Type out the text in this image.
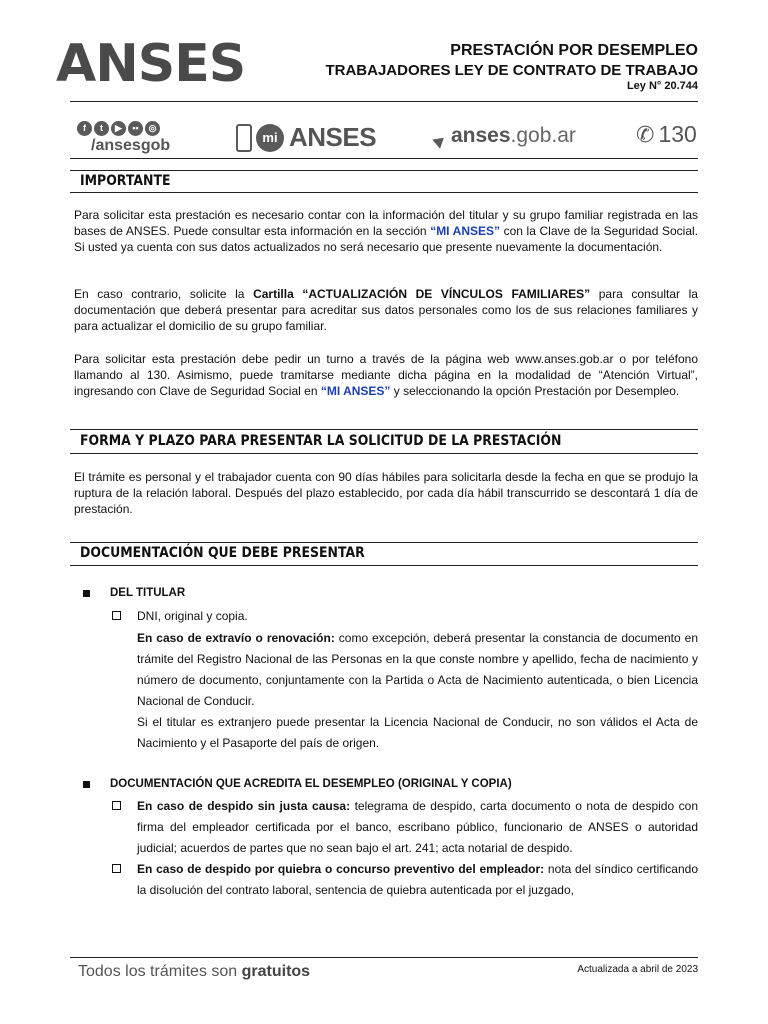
ANSES	PRESTACIÓN POR DESEMPLEO
TRABAJADORES LEY DE CONTRATO DE TRABAJO
Ley N° 20.744
f t ▶ •• ◎
/ansesgob	mi ANSES	anses .gob.ar	✆ 130
IMPORTANTE
Para solicitar esta prestación es necesario contar con la información del titular y su grupo familiar registrada en las bases de ANSES. Puede consultar esta información en la sección “MI ANSES” con la Clave de la Seguridad Social. Si usted ya cuenta con sus datos actualizados no será necesario que presente nuevamente la documentación.
En caso contrario, solicite la Cartilla “ACTUALIZACIÓN DE VÍNCULOS FAMILIARES” para consultar la documentación que deberá presentar para acreditar sus datos personales como los de sus relaciones familiares y para actualizar el domicilio de su grupo familiar.
Para solicitar esta prestación debe pedir un turno a través de la página web www.anses.gob.ar o por teléfono llamando al 130. Asimismo, puede tramitarse mediante dicha página en la modalidad de “Atención Virtual”, ingresando con Clave de Seguridad Social en “MI ANSES” y seleccionando la opción Prestación por Desempleo.
FORMA Y PLAZO PARA PRESENTAR LA SOLICITUD DE LA PRESTACIÓN
El trámite es personal y el trabajador cuenta con 90 días hábiles para solicitarla desde la fecha en que se produjo la ruptura de la relación laboral. Después del plazo establecido, por cada día hábil transcurrido se descontará 1 día de prestación.
DOCUMENTACIÓN QUE DEBE PRESENTAR
DEL TITULAR
DNI, original y copia.
En caso de extravío o renovación: como excepción, deberá presentar la constancia de documento en trámite del Registro Nacional de las Personas en la que conste nombre y apellido, fecha de nacimiento y número de documento, conjuntamente con la Partida o Acta de Nacimiento autenticada, o bien Licencia Nacional de Conducir.
Si el titular es extranjero puede presentar la Licencia Nacional de Conducir, no son válidos el Acta de Nacimiento y el Pasaporte del país de origen.
DOCUMENTACIÓN QUE ACREDITA EL DESEMPLEO (ORIGINAL Y COPIA)
En caso de despido sin justa causa: telegrama de despido, carta documento o nota de despido con firma del empleador certificada por el banco, escribano público, funcionario de ANSES o autoridad judicial; acuerdos de partes que no sean bajo el art. 241; acta notarial de despido.
En caso de despido por quiebra o concurso preventivo del empleador: nota del síndico certificando la disolución del contrato laboral, sentencia de quiebra autenticada por el juzgado,
Todos los trámites son gratuitos	Actualizada a abril de 2023
